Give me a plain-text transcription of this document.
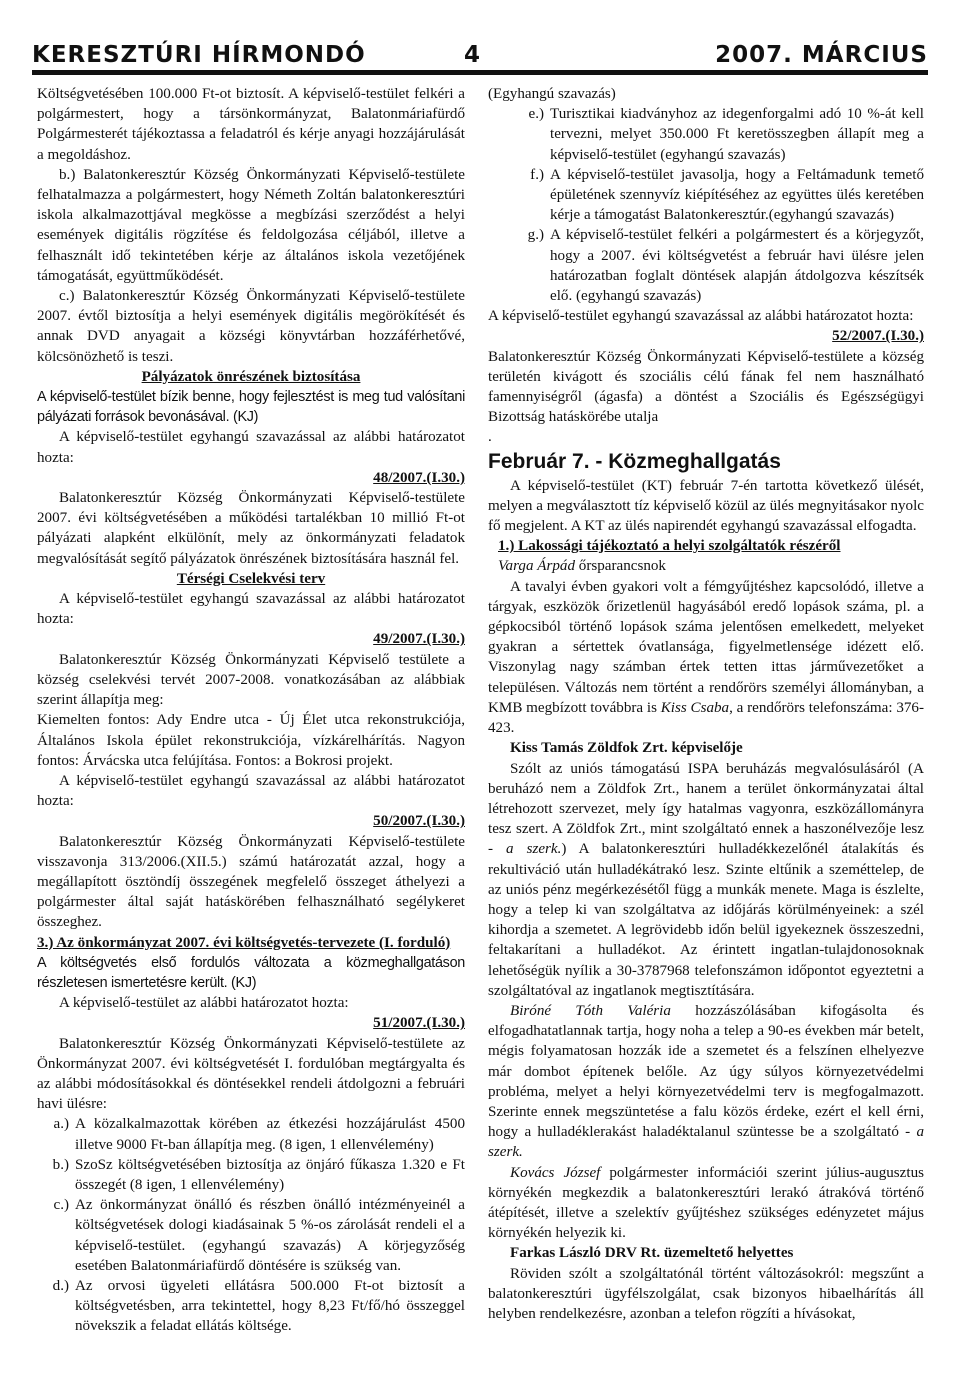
KERESZTÚRI HÍRMONDÓ	4	2007. MÁRCIUS

Költségvetésében 100.000 Ft-ot biztosít. A képviselő-testület felkéri a polgármestert, hogy a társönkormányzat, Balatonmáriafürdő Polgármesterét tájékoztassa a feladatról és kérje anyagi hozzájárulását a megoldáshoz.

b.) Balatonkeresztúr Község Önkormányzati Képviselő-testülete felhatalmazza a polgármestert, hogy Németh Zoltán balatonkeresztúri iskola alkalmazottjával megkösse a megbízási szerződést a helyi események digitális rögzítése és feldolgozása céljából, illetve a felhasznált idő tekintetében kérje az általános iskola vezetőjének támogatását, együttműködését.

c.) Balatonkeresztúr Község Önkormányzati Képviselő-testülete 2007. évtől biztosítja a helyi események digitális megörökítését és annak DVD anyagait a községi könyvtárban hozzáférhetővé, kölcsönözhető is teszi.

Pályázatok önrészének biztosítása

A képviselő-testület bízik benne, hogy fejlesztést is meg tud valósítani pályázati források bevonásával. (KJ)

A képviselő-testület egyhangú szavazással az alábbi határozatot hozta:

48/2007.(I.30.)

Balatonkeresztúr Község Önkormányzati Képviselő-testülete 2007. évi költségvetésében a működési tartalékban 10 millió Ft-ot pályázati alapként elkülönít, mely az önkormányzati feladatok megvalósítását segítő pályázatok önrészének biztosítására használ fel.

Térségi Cselekvési terv

A képviselő-testület egyhangú szavazással az alábbi határozatot hozta:

49/2007.(I.30.)

Balatonkeresztúr Község Önkormányzati Képviselő testülete a község cselekvési tervét 2007-2008. vonatkozásában az alábbiak szerint állapítja meg:

Kiemelten fontos: Ady Endre utca - Új Élet utca rekonstrukciója, Általános Iskola épület rekonstrukciója, vízkárelhárítás. Nagyon fontos: Árvácska utca felújítása. Fontos: a Bokrosi projekt.

A képviselő-testület egyhangú szavazással az alábbi határozatot hozta:

50/2007.(I.30.)

Balatonkeresztúr Község Önkormányzati Képviselő-testülete visszavonja 313/2006.(XII.5.) számú határozatát azzal, hogy a megállapított ösztöndíj összegének megfelelő összeget áthelyezi a polgármester által saját hatáskörében felhasználható segélykeret összeghez.

3.) Az önkormányzat 2007. évi költségvetés-tervezete (I. forduló)

A költségvetés első fordulós változata a közmeghallgatáson részletesen ismertetésre került. (KJ)

A képviselő-testület az alábbi határozatot hozta:

51/2007.(I.30.)

Balatonkeresztúr Község Önkormányzati Képviselő-testülete az Önkormányzat 2007. évi költségvetését I. fordulóban megtárgyalta és az alábbi módosításokkal és döntésekkel rendeli átdolgozni a februári havi ülésre:

a.) A közalkalmazottak körében az étkezési hozzájárulást 4500 illetve 9000 Ft-ban állapítja meg. (8 igen, 1 ellenvélemény)
b.) SzoSz költségvetésében biztosítja az önjáró fűkasza 1.320 e Ft összegét (8 igen, 1 ellenvélemény)
c.) Az önkormányzat önálló és részben önálló intézményeinél a költségvetések dologi kiadásainak 5 %-os zárolását rendeli el a képviselő-testület. (egyhangú szavazás) A körjegyzőség esetében Balatonmáriafürdő döntésére is szükség van.
d.) Az orvosi ügyeleti ellátásra 500.000 Ft-ot biztosít a költségvetésben, arra tekintettel, hogy 8,23 Ft/fő/hó összeggel növekszik a feladat ellátás költsége.

(Egyhangú szavazás)

e.) Turisztikai kiadványhoz az idegenforgalmi adó 10 %-át kell tervezni, melyet 350.000 Ft keretösszegben állapít meg a képviselő-testület (egyhangú szavazás)
f.) A képviselő-testület javasolja, hogy a Feltámadunk temető épületének szennyvíz kiépítéséhez az együttes ülés keretében kérje a támogatást Balatonkeresztúr.(egyhangú szavazás)
g.) A képviselő-testület felkéri a polgármestert és a körjegyzőt, hogy a 2007. évi költségvetést a február havi ülésre jelen határozatban foglalt döntések alapján átdolgozva készítsék elő. (egyhangú szavazás)

A képviselő-testület egyhangú szavazással az alábbi határozatot hozta:

52/2007.(I.30.)

Balatonkeresztúr Község Önkormányzati Képviselő-testülete a község területén kivágott és szociális célú fának fel nem használható famennyiségről (ágasfa) a döntést a Szociális és Egészségügyi Bizottság hatáskörébe utalja

.

Február 7. - Közmeghallgatás

A képviselő-testület (KT) február 7-én tartotta következő ülését, melyen a megválasztott tíz képviselő közül az ülés megnyitásakor nyolc fő megjelent. A KT az ülés napirendét egyhangú szavazással elfogadta.

1.) Lakossági tájékoztató a helyi szolgáltatók részéről

Varga Árpád őrsparancsnok

A tavalyi évben gyakori volt a fémgyűjtéshez kapcsolódó, illetve a tárgyak, eszközök őrizetlenül hagyásából eredő lopások száma, pl. a gépkocsiból történő lopások száma jelentősen emelkedett, melyeket gyakran a sértettek óvatlansága, figyelmetlensége idézett elő. Viszonylag nagy számban értek tetten ittas járművezetőket a településen. Változás nem történt a rendőrörs személyi állományban, a KMB megbízott továbbra is Kiss Csaba, a rendőrörs telefonszáma: 376-423.

Kiss Tamás Zöldfok Zrt. képviselője

Szólt az uniós támogatású ISPA beruházás megvalósulásáról (A beruházó nem a Zöldfok Zrt., hanem a terület önkormányzatai által létrehozott szervezet, mely így hatalmas vagyonra, eszközállományra tesz szert. A Zöldfok Zrt., mint szolgáltató ennek a haszonélvezője lesz - a szerk.) A balatonkeresztúri hulladékkezelőnél átalakítás és rekultiváció után hulladékátrakó lesz. Szinte eltűnik a szeméttelep, de az uniós pénz megérkezésétől függ a munkák menete. Maga is észlelte, hogy a telep ki van szolgáltatva az időjárás körülményeinek: a szél kihordja a szemetet. A legrövidebb időn belül igyekeznek összeszedni, feltakarítani a hulladékot. Az érintett ingatlan-tulajdonosoknak lehetőségük nyílik a 30-3787968 telefonszámon időpontot egyeztetni a szolgáltatóval az ingatlanok megtisztítására.

Biróné Tóth Valéria hozzászólásában kifogásolta és elfogadhatatlannak tartja, hogy noha a telep a 90-es években már betelt, mégis folyamatosan hozzák ide a szemetet és a felszínen elhelyezve már dombot építenek belőle. Az úgy súlyos környezetvédelmi probléma, melyet a helyi környezetvédelmi terv is megfogalmazott. Szerinte ennek megszüntetése a falu közös érdeke, ezért el kell érni, hogy a hulladéklerakást haladéktalanul szüntesse be a szolgáltató - a szerk.

Kovács József polgármester információi szerint július-augusztus környékén megkezdik a balatonkeresztúri lerakó átrakóvá történő átépítését, illetve a szelektív gyűjtéshez szükséges edényzetet május környékén helyezik ki.

Farkas László DRV Rt. üzemeltető helyettes

Röviden szólt a szolgáltatónál történt változásokról: megszűnt a balatonkeresztúri ügyfélszolgálat, csak bizonyos hibaelhárítás áll helyben rendelkezésre, azonban a telefon rögzíti a hívásokat,
